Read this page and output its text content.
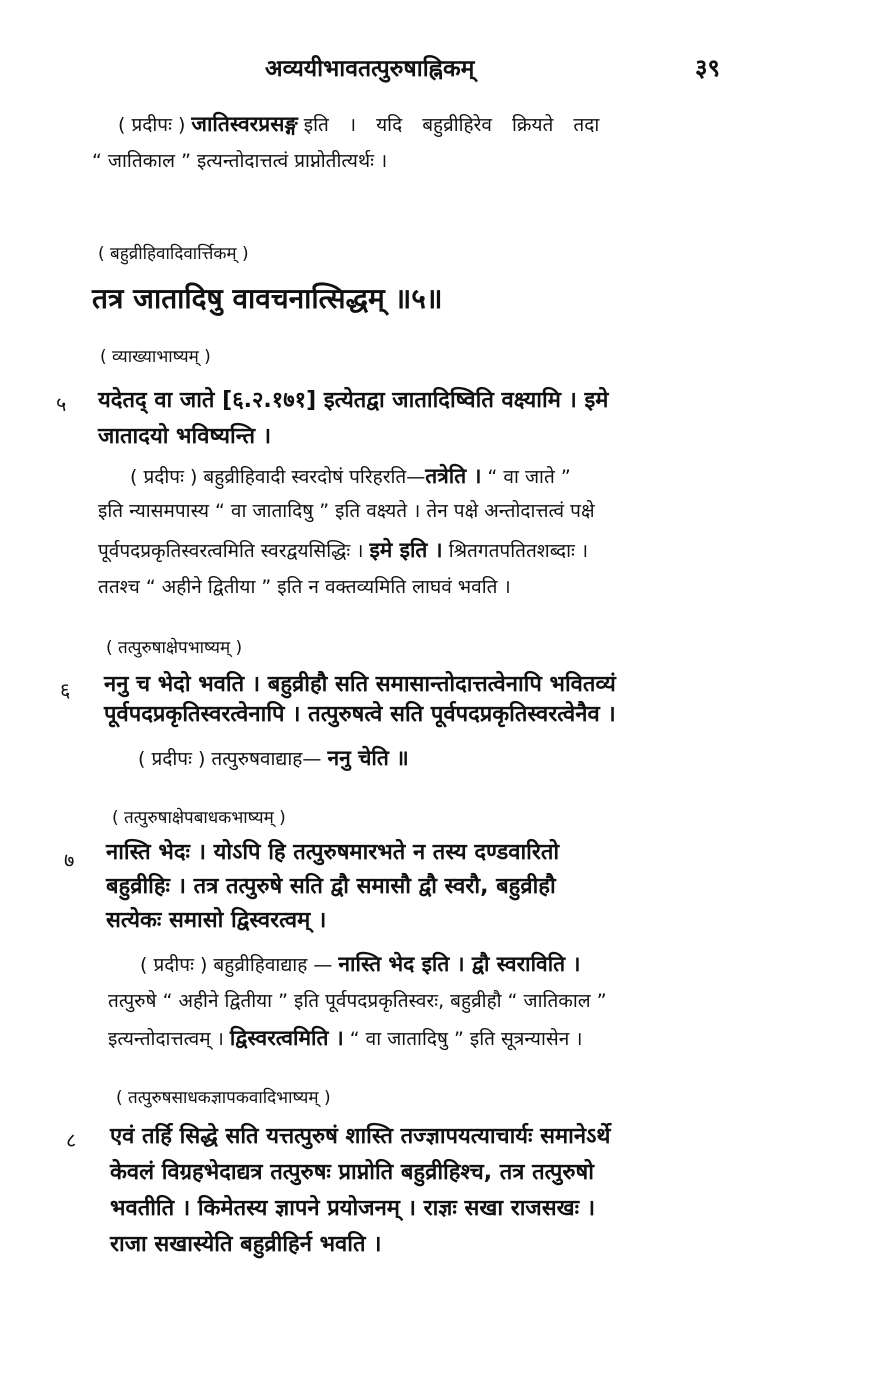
अव्ययीभावतत्पुरुषाह्निकम्	३९
( प्रदीपः ) जातिस्वरप्रसङ्ग इति । यदि बहुव्रीहिरेव क्रियते तदा
“ जातिकाल ” इत्यन्तोदात्तत्वं प्राप्नोतीत्यर्थः ।
( बहुव्रीहिवादिवार्त्तिकम् )
तत्र जातादिषु वावचनात्सिद्धम् ॥५॥
( व्याख्याभाष्यम् )
५ यदेतद् वा जाते [६.२.१७१] इत्येतद्वा जातादिष्विति वक्ष्यामि । इमे
जातादयो भविष्यन्ति ।
( प्रदीपः ) बहुव्रीहिवादी स्वरदोषं परिहरति—तत्रेति । “ वा जाते ”
इति न्यासमपास्य “ वा जातादिषु ” इति वक्ष्यते । तेन पक्षे अन्तोदात्तत्वं पक्षे
पूर्वपदप्रकृतिस्वरत्वमिति स्वरद्वयसिद्धिः । इमे इति । श्रितगतपतितशब्दाः ।
ततश्च “ अहीने द्वितीया ” इति न वक्तव्यमिति लाघवं भवति ।
( तत्पुरुषाक्षेपभाष्यम् )
६ ननु च भेदो भवति । बहुव्रीहौ सति समासान्तोदात्तत्वेनापि भवितव्यं
पूर्वपदप्रकृतिस्वरत्वेनापि । तत्पुरुषत्वे सति पूर्वपदप्रकृतिस्वरत्वेनैव ।
( प्रदीपः ) तत्पुरुषवाद्याह— ननु चेति ॥
( तत्पुरुषाक्षेपबाधकभाष्यम् )
७ नास्ति भेदः । योऽपि हि तत्पुरुषमारभते न तस्य दण्डवारितो
बहुव्रीहिः । तत्र तत्पुरुषे सति द्वौ समासौ द्वौ स्वरौ, बहुव्रीहौ
सत्येकः समासो द्विस्वरत्वम् ।
( प्रदीपः ) बहुव्रीहिवाद्याह — नास्ति भेद इति । द्वौ स्वराविति ।
तत्पुरुषे “ अहीने द्वितीया ” इति पूर्वपदप्रकृतिस्वरः, बहुव्रीहौ “ जातिकाल ”
इत्यन्तोदात्तत्वम् । द्विस्वरत्वमिति । “ वा जातादिषु ” इति सूत्रन्यासेन ।
( तत्पुरुषसाधकज्ञापकवादिभाष्यम् )
८ एवं तर्हि सिद्धे सति यत्तत्पुरुषं शास्ति तज्ज्ञापयत्याचार्यः समानेऽर्थे
केवलं विग्रहभेदाद्यत्र तत्पुरुषः प्राप्नोति बहुव्रीहिश्च, तत्र तत्पुरुषो
भवतीति । किमेतस्य ज्ञापने प्रयोजनम् । राज्ञः सखा राजसखः ।
राजा सखास्येति बहुव्रीहिर्न भवति ।
